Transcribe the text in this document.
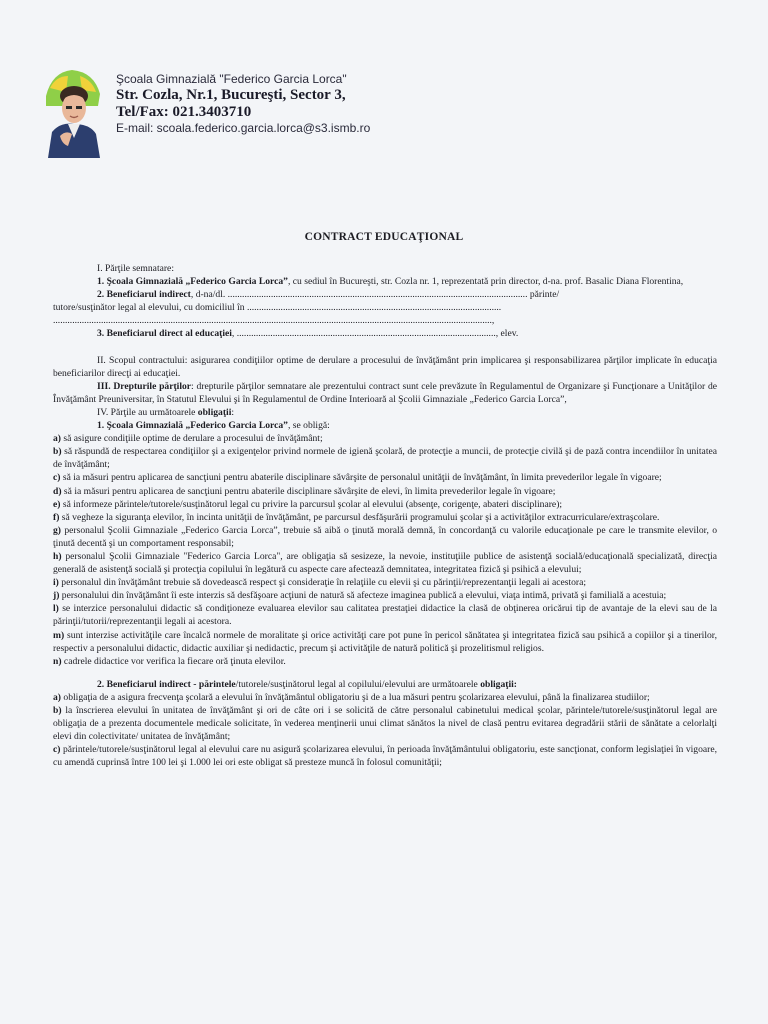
Şcoala Gimnazială "Federico Garcia Lorca"
Str. Cozla, Nr.1, Bucureşti, Sector 3,
Tel/Fax: 021.3403710
E-mail: scoala.federico.garcia.lorca@s3.ismb.ro
CONTRACT EDUCAŢIONAL

I. Părţile semnatare:

1. Şcoala Gimnazială „Federico Garcia Lorca”, cu sediul în Bucureşti, str. Cozla nr. 1, reprezentată prin director, d-na. prof. Basalic Diana Florentina,

2. Beneficiarul indirect, d-na/dl. ............................................................................................................................. părinte/

tutore/susţinător legal al elevului, cu domiciliul în ..........................................................................................................

.......................................................................................................................................................................................,

3. Beneficiarul direct al educaţiei, ............................................................................................................, elev.

II. Scopul contractului: asigurarea condiţiilor optime de derulare a procesului de învăţământ prin implicarea şi responsabilizarea părţilor implicate în educaţia beneficiarilor direcţi ai educaţiei.

III. Drepturile părţilor: drepturile părţilor semnatare ale prezentului contract sunt cele prevăzute în Regulamentul de Organizare şi Funcţionare a Unităţilor de Învăţământ Preuniversitar, în Statutul Elevului şi în Regulamentul de Ordine Interioară al Şcolii Gimnaziale „Federico Garcia Lorca”,

IV. Părţile au următoarele obligaţii:

1. Şcoala Gimnazială „Federico Garcia Lorca”, se obligă:

a) să asigure condiţiile optime de derulare a procesului de învăţământ;

b) să răspundă de respectarea condiţiilor şi a exigenţelor privind normele de igienă şcolară, de protecţie a muncii, de protecţie civilă şi de pază contra incendiilor în unitatea de învăţământ;

c) să ia măsuri pentru aplicarea de sancţiuni pentru abaterile disciplinare săvârşite de personalul unităţii de învăţământ, în limita prevederilor legale în vigoare;

d) să ia măsuri pentru aplicarea de sancţiuni pentru abaterile disciplinare săvârşite de elevi, în limita prevederilor legale în vigoare;

e) să informeze părintele/tutorele/susţinătorul legal cu privire la parcursul şcolar al elevului (absenţe, corigenţe, abateri disciplinare);

f) să vegheze la siguranţa elevilor, în incinta unităţii de învăţământ, pe parcursul desfăşurării programului şcolar şi a activităţilor extracurriculare/extraşcolare.

g) personalul Şcolii Gimnaziale „Federico Garcia Lorca”, trebuie să aibă o ţinută morală demnă, în concordanţă cu valorile educaţionale pe care le transmite elevilor, o ţinută decentă şi un comportament responsabil;

h) personalul Şcolii Gimnaziale "Federico Garcia Lorca", are obligaţia să sesizeze, la nevoie, instituţiile publice de asistenţă socială/educaţională specializată, direcţia generală de asistenţă socială şi protecţia copilului în legătură cu aspecte care afectează demnitatea, integritatea fizică şi psihică a elevului;

i) personalul din învăţământ trebuie să dovedească respect şi consideraţie în relaţiile cu elevii şi cu părinţii/reprezentanţii legali ai acestora;

j) personalului din învăţământ îi este interzis să desfăşoare acţiuni de natură să afecteze imaginea publică a elevului, viaţa intimă, privată şi familială a acestuia;

l) se interzice personalului didactic să condiţioneze evaluarea elevilor sau calitatea prestaţiei didactice la clasă de obţinerea oricărui tip de avantaje de la elevi sau de la părinţii/tutorii/reprezentanţii legali ai acestora.

m) sunt interzise activităţile care încalcă normele de moralitate şi orice activităţi care pot pune în pericol sănătatea şi integritatea fizică sau psihică a copiilor şi a tinerilor, respectiv a personalului didactic, didactic auxiliar şi nedidactic, precum şi activităţile de natură politică şi prozelitismul religios.

n) cadrele didactice vor verifica la fiecare oră ţinuta elevilor.

2. Beneficiarul indirect - părintele/tutorele/susţinătorul legal al copilului/elevului are următoarele obligaţii:

a) obligaţia de a asigura frecvenţa şcolară a elevului în învăţământul obligatoriu şi de a lua măsuri pentru şcolarizarea elevului, până la finalizarea studiilor;

b) la înscrierea elevului în unitatea de învăţământ şi ori de câte ori i se solicită de către personalul cabinetului medical şcolar, părintele/tutorele/susţinătorul legal are obligaţia de a prezenta documentele medicale solicitate, în vederea menţinerii unui climat sănătos la nivel de clasă pentru evitarea degradării stării de sănătate a celorlalţi elevi din colectivitate/ unitatea de învăţământ;

c) părintele/tutorele/susţinătorul legal al elevului care nu asigură şcolarizarea elevului, în perioada învăţământului obligatoriu, este sancţionat, conform legislaţiei în vigoare, cu amendă cuprinsă între 100 lei şi 1.000 lei ori este obligat să presteze muncă în folosul comunităţii;
